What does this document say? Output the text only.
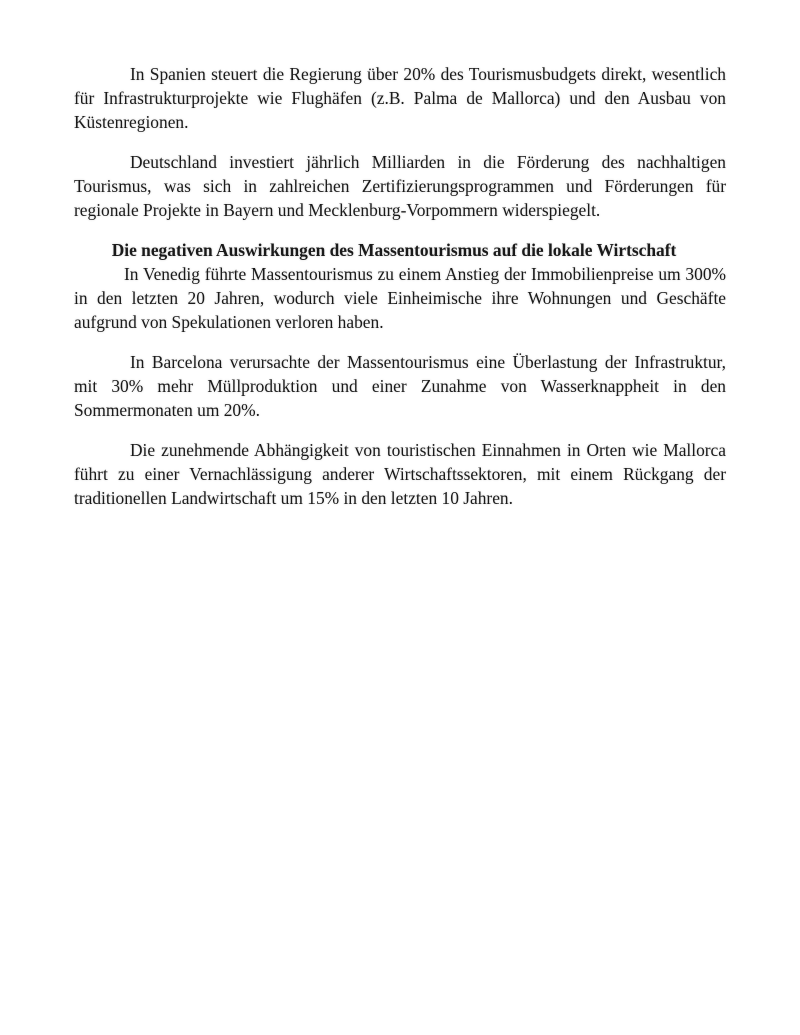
In Spanien steuert die Regierung über 20% des Tourismusbudgets direkt, wesentlich für Infrastrukturprojekte wie Flughäfen (z.B. Palma de Mallorca) und den Ausbau von Küstenregionen.

Deutschland investiert jährlich Milliarden in die Förderung des nachhaltigen Tourismus, was sich in zahlreichen Zertifizierungsprogrammen und Förderungen für regionale Projekte in Bayern und Mecklenburg-Vorpommern widerspiegelt.

Die negativen Auswirkungen des Massentourismus auf die lokale Wirtschaft

In Venedig führte Massentourismus zu einem Anstieg der Immobilienpreise um 300% in den letzten 20 Jahren, wodurch viele Einheimische ihre Wohnungen und Geschäfte aufgrund von Spekulationen verloren haben.

In Barcelona verursachte der Massentourismus eine Überlastung der Infrastruktur, mit 30% mehr Müllproduktion und einer Zunahme von Wasserknappheit in den Sommermonaten um 20%.

Die zunehmende Abhängigkeit von touristischen Einnahmen in Orten wie Mallorca führt zu einer Vernachlässigung anderer Wirtschaftssektoren, mit einem Rückgang der traditionellen Landwirtschaft um 15% in den letzten 10 Jahren.
